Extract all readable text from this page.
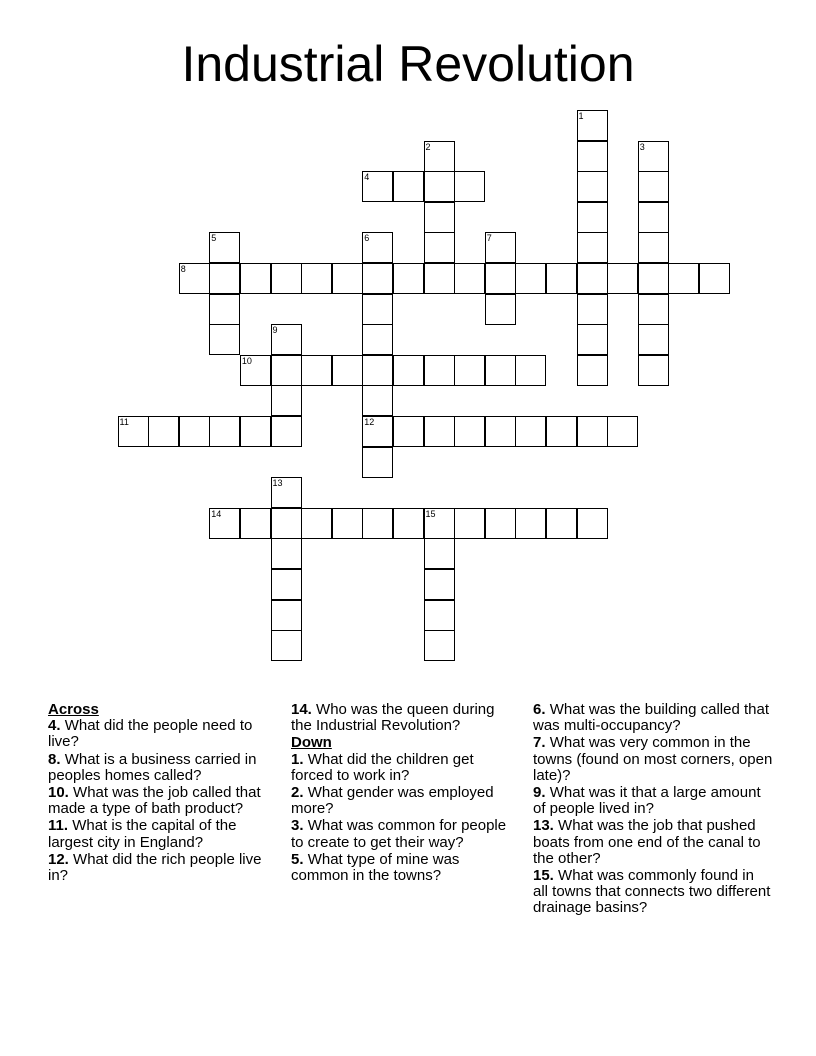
Industrial Revolution
1
2	3
4
5	6
12
7
8
9
10
11
13
14	15
Across
4. What did the people need to live?
8. What is a business carried in peoples homes called?
10. What was the job called that made a type of bath product?
11. What is the capital of the largest city in England?
12. What did the rich people live in?
14. Who was the queen during the Industrial Revolution?
Down
1. What did the children get forced to work in?
2. What gender was employed more?
3. What was common for people to create to get their way?
5. What type of mine was common in the towns?
6. What was the building called that was multi-occupancy?
7. What was very common in the towns (found on most corners, open late)?
9. What was it that a large amount of people lived in?
13. What was the job that pushed boats from one end of the canal to the other?
15. What was commonly found in all towns that connects two different drainage basins?
